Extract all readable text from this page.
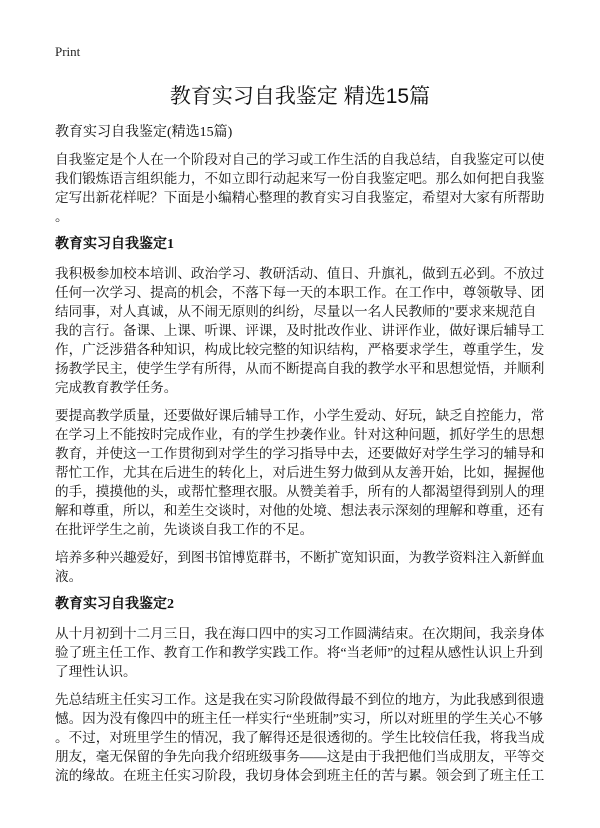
Print
教育实习自我鉴定 精选15篇
教育实习自我鉴定(精选15篇)
自我鉴定是个人在一个阶段对自己的学习或工作生活的自我总结，自我鉴定可以使
我们锻炼语言组织能力，不如立即行动起来写一份自我鉴定吧。那么如何把自我鉴
定写出新花样呢？下面是小编精心整理的教育实习自我鉴定，希望对大家有所帮助
。
教育实习自我鉴定1
我积极参加校本培训、政治学习、教研活动、值日、升旗礼，做到五必到。不放过
任何一次学习、提高的机会，不落下每一天的本职工作。在工作中，尊领敬导、团
结同事，对人真诚，从不闹无原则的纠纷，尽量以一名人民教师的"要求来规范自
我的言行。备课、上课、听课、评课，及时批改作业、讲评作业，做好课后辅导工
作，广泛涉猎各种知识，构成比较完整的知识结构，严格要求学生，尊重学生，发
扬教学民主，使学生学有所得，从而不断提高自我的教学水平和思想觉悟，并顺利
完成教育教学任务。
要提高教学质量，还要做好课后辅导工作，小学生爱动、好玩，缺乏自控能力，常
在学习上不能按时完成作业，有的学生抄袭作业。针对这种问题，抓好学生的思想
教育，并使这一工作贯彻到对学生的学习指导中去，还要做好对学生学习的辅导和
帮忙工作，尤其在后进生的转化上，对后进生努力做到从友善开始，比如，握握他
的手，摸摸他的头，或帮忙整理衣服。从赞美着手，所有的人都渴望得到别人的理
解和尊重，所以，和差生交谈时，对他的处境、想法表示深刻的理解和尊重，还有
在批评学生之前，先谈谈自我工作的不足。
培养多种兴趣爱好，到图书馆博览群书，不断扩宽知识面，为教学资料注入新鲜血
液。
教育实习自我鉴定2
从十月初到十二月三日，我在海口四中的实习工作圆满结束。在次期间，我亲身体
验了班主任工作、教育工作和教学实践工作。将“当老师”的过程从感性认识上升到
了理性认识。
先总结班主任实习工作。这是我在实习阶段做得最不到位的地方，为此我感到很遗
憾。因为没有像四中的班主任一样实行“坐班制”实习，所以对班里的学生关心不够
。不过，对班里学生的情况，我了解得还是很透彻的。学生比较信任我，将我当成
朋友，毫无保留的争先向我介绍班级事务——这是由于我把他们当成朋友，平等交
流的缘故。在班主任实习阶段，我切身体会到班主任的苦与累。领会到了班主任工
